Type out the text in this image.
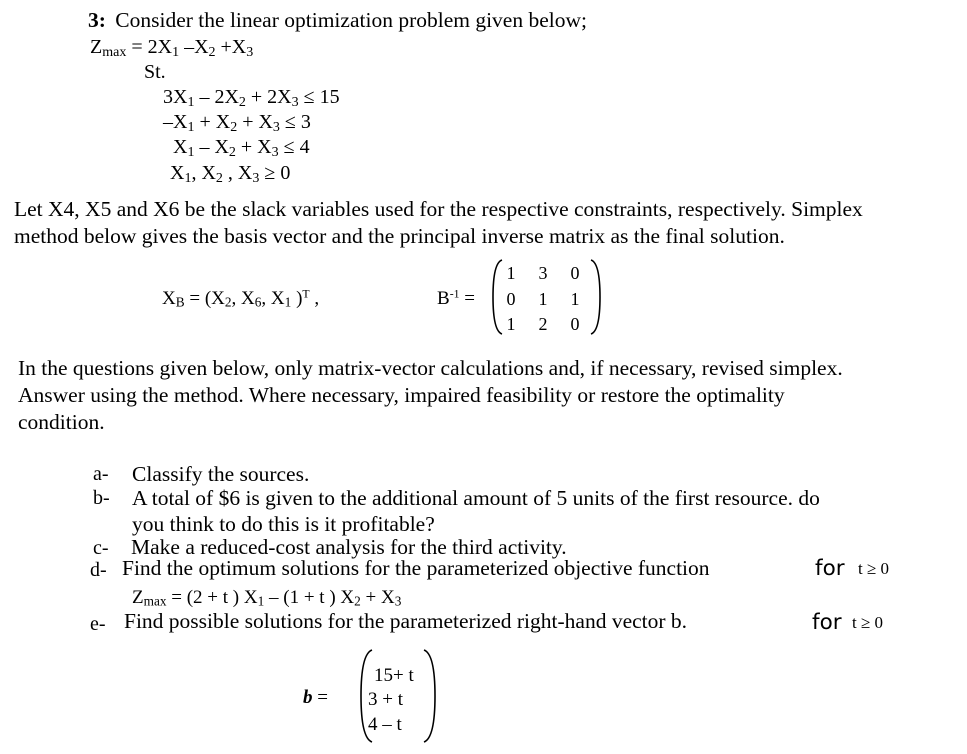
3: Consider the linear optimization problem given below;
$Z_{max} = 2X_1$ $-X_2 +X_3$
St.
$3X_1 - 2X_2 + 2X_3 \le 15$
$-X_1 + X_2 + X_3 \le 3$
$X_1 - X_2 + X_3 \le 4$
$X_1$, $X_2$ , $X_3 \ge 0$
Let X4, X5 and X6 be the slack variables used for the respective constraints, respectively. Simplex
method below gives the basis vector and the principal inverse matrix as the final solution.
$X_B = (X_2$, $X_6$, $X_1$ )$^T$ ,	$B^{-1}$ =
1	3	0
0	1	1
1	2	0
In the questions given below, only matrix-vector calculations and, if necessary, revised simplex.
Answer using the method. Where necessary, impaired feasibility or restore the optimality
condition.
a- Classify the sources.
b- A total of $6 is given to the additional amount of 5 units of the first resource. do
you think to do this is it profitable?
c- Make a reduced-cost analysis for the third activity.
d- Find the optimum solutions for the parameterized objective function	for t ≥ 0
$Z_{max} = (2 + t$ ) $X_1 - (1 + t$ ) $X_2 + X_3$
e- Find possible solutions for the parameterized right-hand vector b.	for t ≥ 0
b =
15+ t
3 + t
4 – t
